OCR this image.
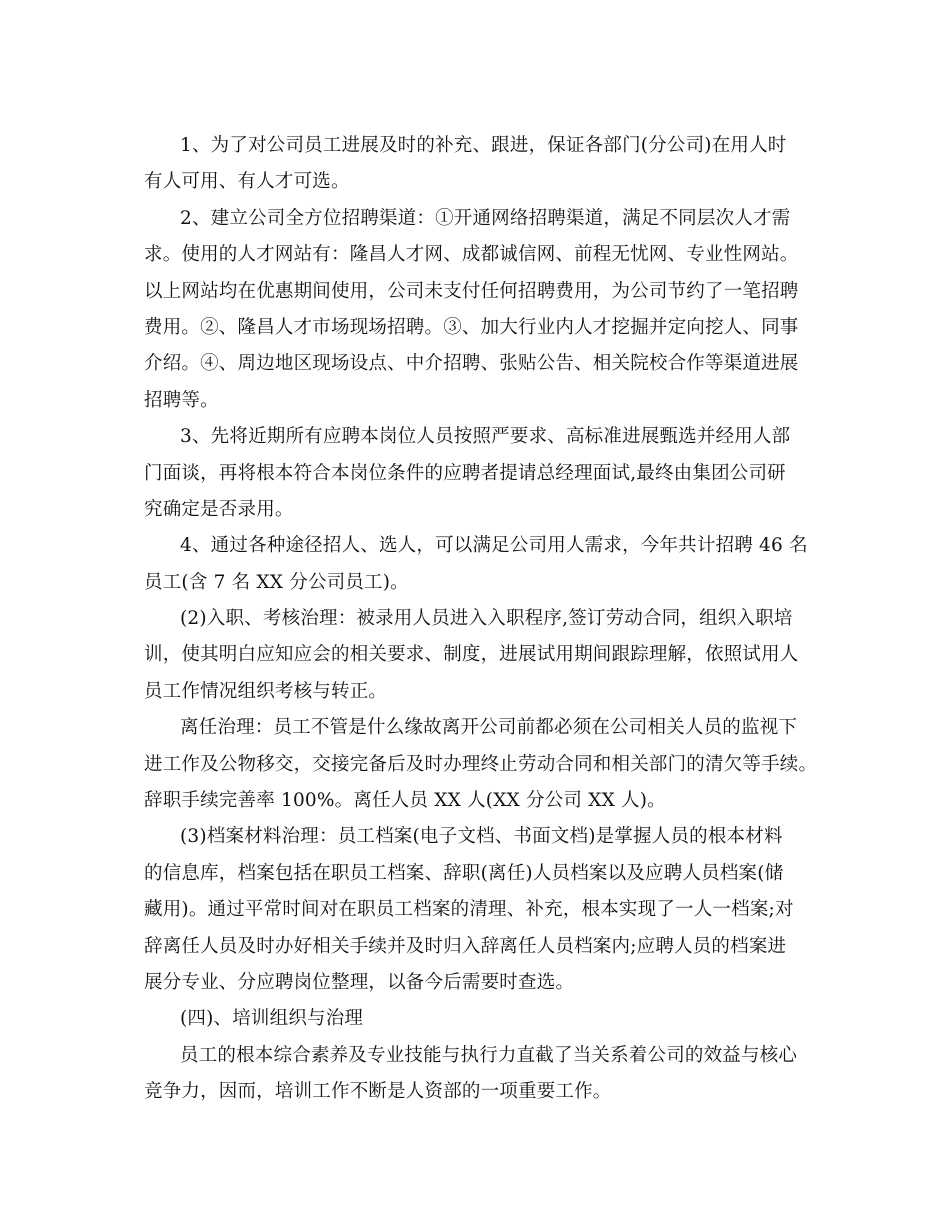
1、为了对公司员工进展及时的补充、跟进，保证各部门(分公司)在用人时
有人可用、有人才可选。
2、建立公司全方位招聘渠道：①开通网络招聘渠道，满足不同层次人才需
求。使用的人才网站有：隆昌人才网、成都诚信网、前程无忧网、专业性网站。
以上网站均在优惠期间使用，公司未支付任何招聘费用，为公司节约了一笔招聘
费用。②、隆昌人才市场现场招聘。③、加大行业内人才挖掘并定向挖人、同事
介绍。④、周边地区现场设点、中介招聘、张贴公告、相关院校合作等渠道进展
招聘等。
3、先将近期所有应聘本岗位人员按照严要求、高标准进展甄选并经用人部
门面谈，再将根本符合本岗位条件的应聘者提请总经理面试,最终由集团公司研
究确定是否录用。
4、通过各种途径招人、选人，可以满足公司用人需求，今年共计招聘 46 名
员工(含 7 名 XX 分公司员工)。
(2)入职、考核治理：被录用人员进入入职程序,签订劳动合同，组织入职培
训，使其明白应知应会的相关要求、制度，进展试用期间跟踪理解，依照试用人
员工作情况组织考核与转正。
离任治理：员工不管是什么缘故离开公司前都必须在公司相关人员的监视下
进工作及公物移交，交接完备后及时办理终止劳动合同和相关部门的清欠等手续。
辞职手续完善率 100%。离任人员 XX 人(XX 分公司 XX 人)。
(3)档案材料治理：员工档案(电子文档、书面文档)是掌握人员的根本材料
的信息库，档案包括在职员工档案、辞职(离任)人员档案以及应聘人员档案(储
藏用)。通过平常时间对在职员工档案的清理、补充，根本实现了一人一档案;对
辞离任人员及时办好相关手续并及时归入辞离任人员档案内;应聘人员的档案进
展分专业、分应聘岗位整理，以备今后需要时查选。
(四)、培训组织与治理
员工的根本综合素养及专业技能与执行力直截了当关系着公司的效益与核心
竞争力，因而，培训工作不断是人资部的一项重要工作。
